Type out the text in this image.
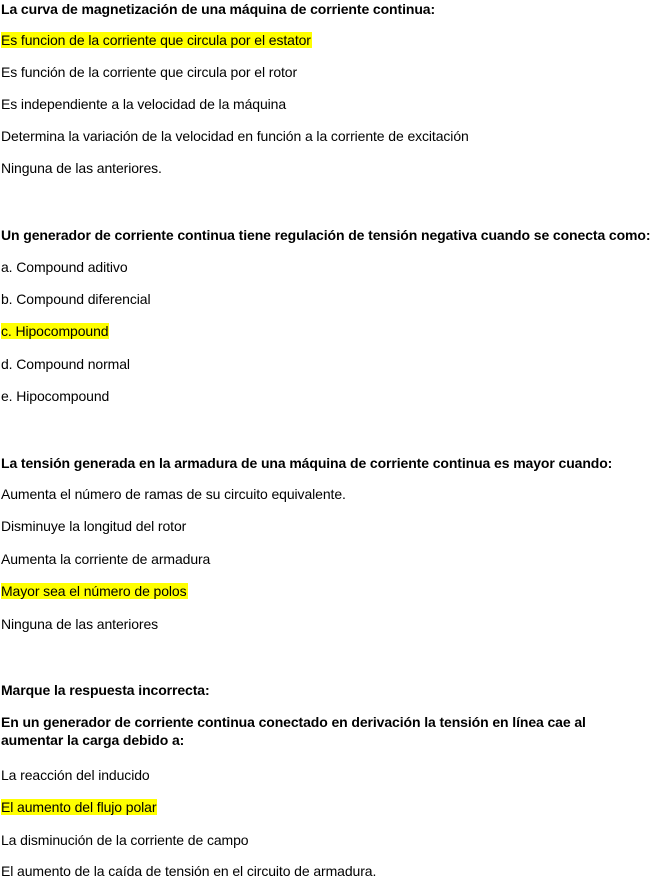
La curva de magnetización de una máquina de corriente continua:
Es funcion de la corriente que circula por el estator
Es función de la corriente que circula por el rotor
Es independiente a la velocidad de la máquina
Determina la variación de la velocidad en función a la corriente de excitación
Ninguna de las anteriores.
Un generador de corriente continua tiene regulación de tensión negativa cuando se conecta como:
a. Compound aditivo
b. Compound diferencial
c. Hipocompound
d. Compound normal
e. Hipocompound
La tensión generada en la armadura de una máquina de corriente continua es mayor cuando:
Aumenta el número de ramas de su circuito equivalente.
Disminuye la longitud del rotor
Aumenta la corriente de armadura
Mayor sea el número de polos
Ninguna de las anteriores
Marque la respuesta incorrecta:
En un generador de corriente continua conectado en derivación la tensión en línea cae al aumentar la carga debido a:
La reacción del inducido
El aumento del flujo polar
La disminución de la corriente de campo
El aumento de la caída de tensión en el circuito de armadura.
